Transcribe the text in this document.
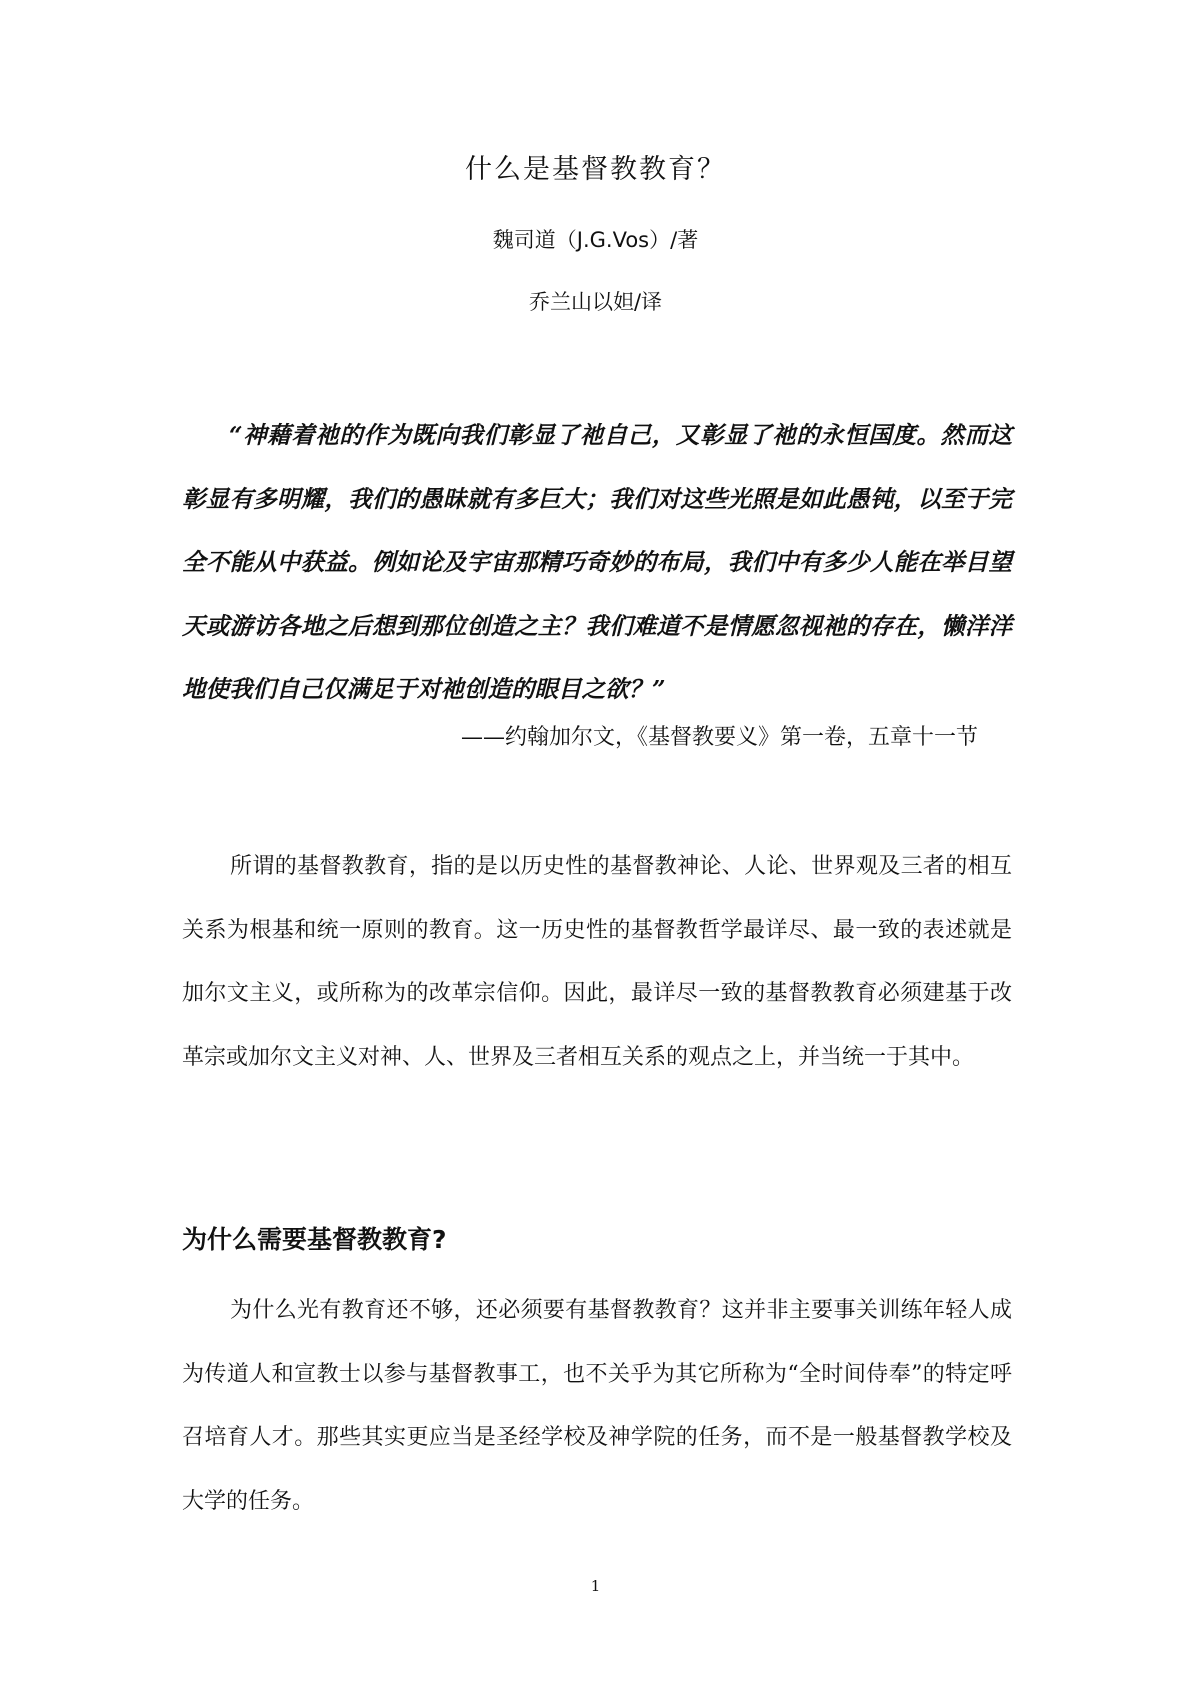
什么是基督教教育？
魏司道（J.G.Vos）/著
乔兰山以妲/译

“神藉着祂的作为既向我们彰显了祂自己，又彰显了祂的永恒国度。然而这彰显有多明耀，我们的愚昧就有多巨大；我们对这些光照是如此愚钝，以至于完全不能从中获益。例如论及宇宙那精巧奇妙的布局，我们中有多少人能在举目望天或游访各地之后想到那位创造之主？我们难道不是情愿忽视祂的存在，懒洋洋地使我们自己仅满足于对祂创造的眼目之欲？”

——约翰加尔文，《基督教要义》第一卷，五章十一节

所谓的基督教教育，指的是以历史性的基督教神论、人论、世界观及三者的相互关系为根基和统一原则的教育。这一历史性的基督教哲学最详尽、最一致的表述就是加尔文主义，或所称为的改革宗信仰。因此，最详尽一致的基督教教育必须建基于改革宗或加尔文主义对神、人、世界及三者相互关系的观点之上，并当统一于其中。

为什么需要基督教教育?

为什么光有教育还不够，还必须要有基督教教育？这并非主要事关训练年轻人成为传道人和宣教士以参与基督教事工，也不关乎为其它所称为“全时间侍奉”的特定呼召培育人才。那些其实更应当是圣经学校及神学院的任务，而不是一般基督教学校及大学的任务。

1
